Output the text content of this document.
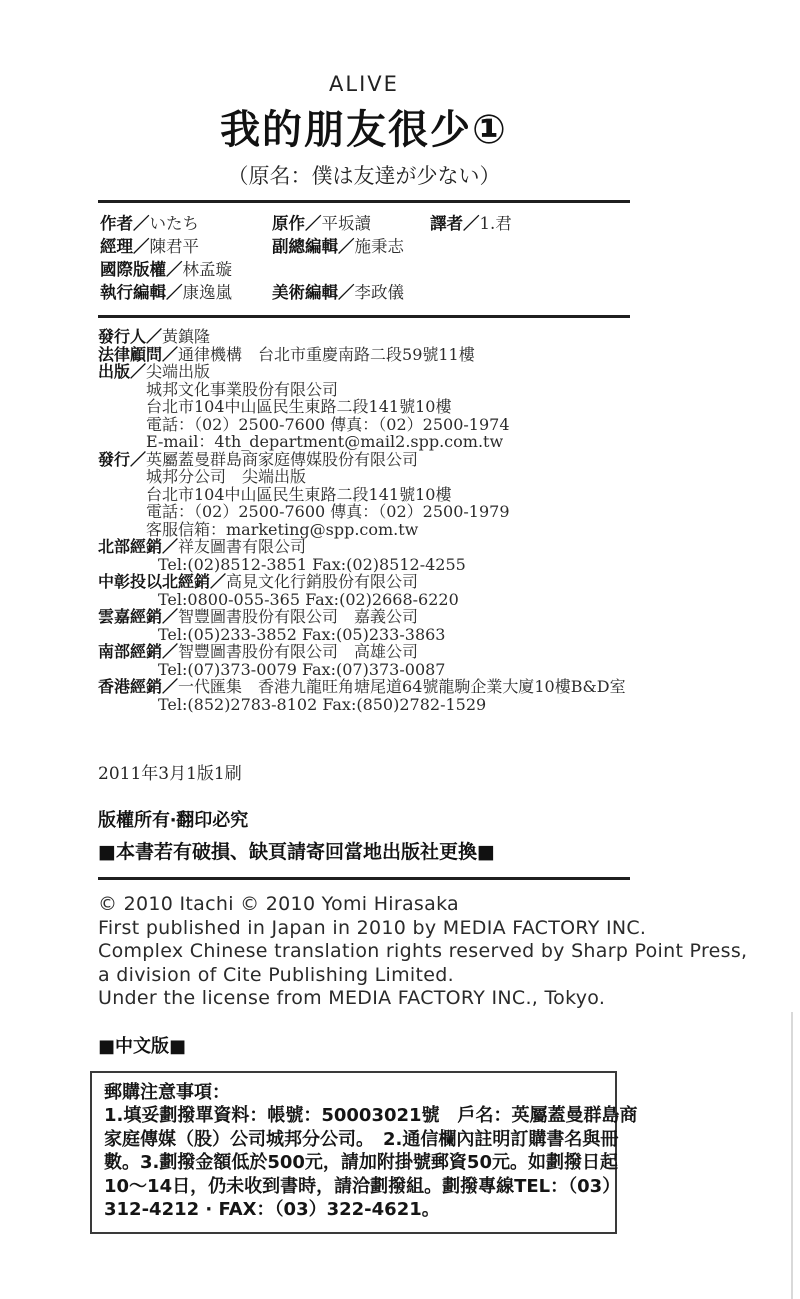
ALIVE
我的朋友很少①
（原名：僕は友達が少ない）
作者／いたち	原作／平坂讀	譯者／1.君
經理／陳君平	副總編輯／施秉志
國際版權／林孟璇
執行編輯／康逸嵐 美術編輯／李政儀
發行人／黃鎮隆
法律顧問／通律機構　台北市重慶南路二段59號11樓
出版／尖端出版
城邦文化事業股份有限公司
台北市104中山區民生東路二段141號10樓
電話：（02）2500-7600 傳真：（02）2500-1974
E-mail：4th_department@mail2.spp.com.tw
發行／英屬蓋曼群島商家庭傳媒股份有限公司
城邦分公司　尖端出版
台北市104中山區民生東路二段141號10樓
電話：（02）2500-7600 傳真：（02）2500-1979
客服信箱：marketing@spp.com.tw
北部經銷／祥友圖書有限公司
Tel:(02)8512-3851 Fax:(02)8512-4255
中彰投以北經銷／高見文化行銷股份有限公司
Tel:0800-055-365 Fax:(02)2668-6220
雲嘉經銷／智豐圖書股份有限公司　嘉義公司
Tel:(05)233-3852 Fax:(05)233-3863
南部經銷／智豐圖書股份有限公司　高雄公司
Tel:(07)373-0079 Fax:(07)373-0087
香港經銷／一代匯集　香港九龍旺角塘尾道64號龍駒企業大廈10樓B&D室
Tel:(852)2783-8102 Fax:(850)2782-1529
2011年3月1版1刷
版權所有‧翻印必究
■本書若有破損、缺頁請寄回當地出版社更換■
© 2010 Itachi © 2010 Yomi Hirasaka
First published in Japan in 2010 by MEDIA FACTORY INC.
Complex Chinese translation rights reserved by Sharp Point Press,
a division of Cite Publishing Limited.
Under the license from MEDIA FACTORY INC., Tokyo.
■中文版■
郵購注意事項：
1.填妥劃撥單資料：帳號：50003021號　戶名：英屬蓋曼群島商
家庭傳媒（股）公司城邦分公司。　2.通信欄內註明訂購書名與冊
數。3.劃撥金額低於500元，請加附掛號郵資50元。如劃撥日起
10～14日，仍未收到書時，請洽劃撥組。劃撥專線TEL：（03）
312-4212 · FAX：（03）322-4621。
